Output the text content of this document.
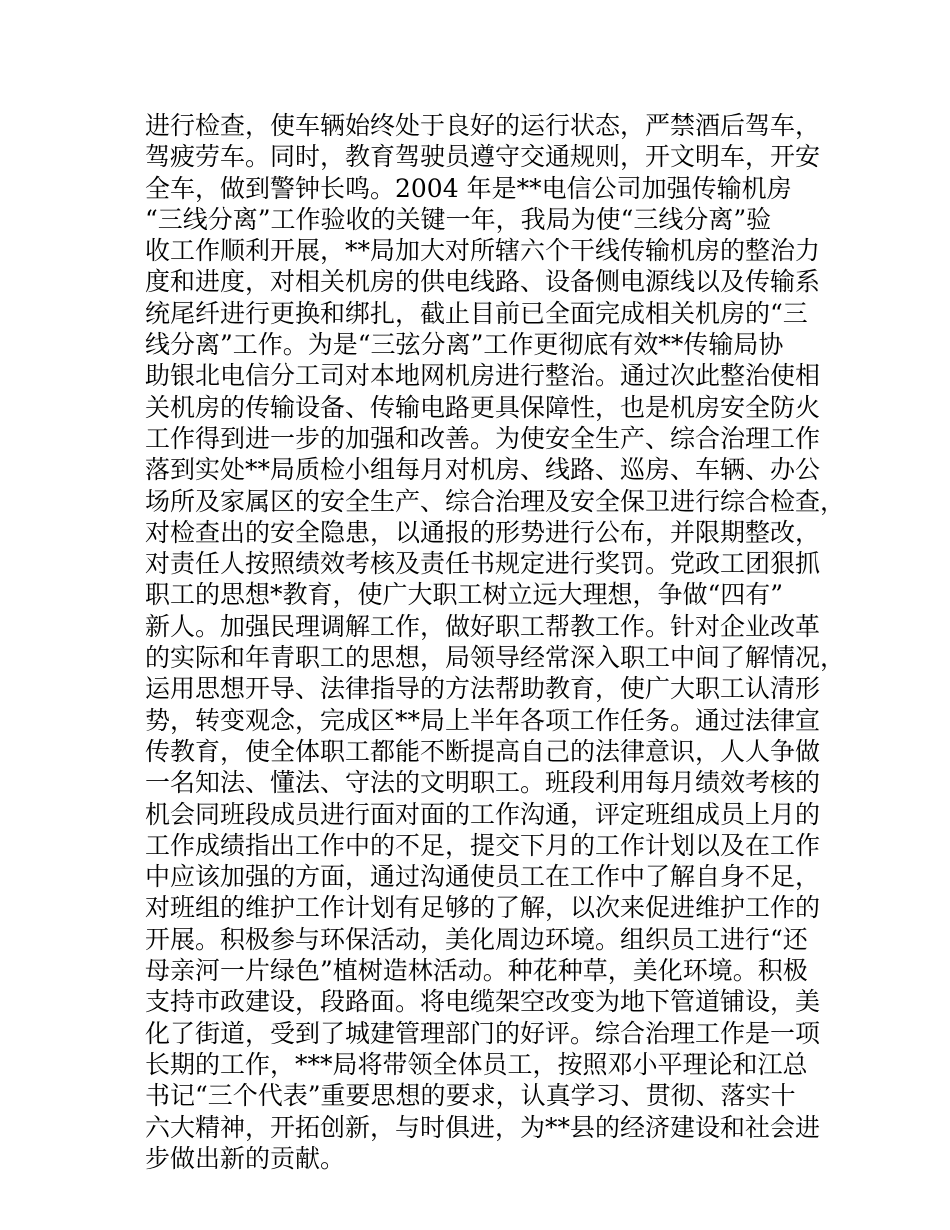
进行检查，使车辆始终处于良好的运行状态，严禁酒后驾车，
驾疲劳车。同时，教育驾驶员遵守交通规则，开文明车，开安
全车，做到警钟长鸣。2004 年是**电信公司加强传输机房
“三线分离”工作验收的关键一年，我局为使“三线分离”验
收工作顺利开展，**局加大对所辖六个干线传输机房的整治力
度和进度，对相关机房的供电线路、设备侧电源线以及传输系
统尾纤进行更换和绑扎，截止目前已全面完成相关机房的“三
线分离”工作。为是“三弦分离”工作更彻底有效**传输局协
助银北电信分工司对本地网机房进行整治。通过次此整治使相
关机房的传输设备、传输电路更具保障性，也是机房安全防火
工作得到进一步的加强和改善。为使安全生产、综合治理工作
落到实处**局质检小组每月对机房、线路、巡房、车辆、办公
场所及家属区的安全生产、综合治理及安全保卫进行综合检查，
对检查出的安全隐患，以通报的形势进行公布，并限期整改，
对责任人按照绩效考核及责任书规定进行奖罚。党政工团狠抓
职工的思想*教育，使广大职工树立远大理想，争做“四有”
新人。加强民理调解工作，做好职工帮教工作。针对企业改革
的实际和年青职工的思想，局领导经常深入职工中间了解情况，
运用思想开导、法律指导的方法帮助教育，使广大职工认清形
势，转变观念，完成区**局上半年各项工作任务。通过法律宣
传教育，使全体职工都能不断提高自己的法律意识，人人争做
一名知法、懂法、守法的文明职工。班段利用每月绩效考核的
机会同班段成员进行面对面的工作沟通，评定班组成员上月的
工作成绩指出工作中的不足，提交下月的工作计划以及在工作
中应该加强的方面，通过沟通使员工在工作中了解自身不足，
对班组的维护工作计划有足够的了解，以次来促进维护工作的
开展。积极参与环保活动，美化周边环境。组织员工进行“还
母亲河一片绿色”植树造林活动。种花种草，美化环境。积极
支持市政建设，段路面。将电缆架空改变为地下管道铺设，美
化了街道，受到了城建管理部门的好评。综合治理工作是一项
长期的工作，***局将带领全体员工，按照邓小平理论和江总
书记“三个代表”重要思想的要求，认真学习、贯彻、落实十
六大精神，开拓创新，与时俱进，为**县的经济建设和社会进
步做出新的贡献。
